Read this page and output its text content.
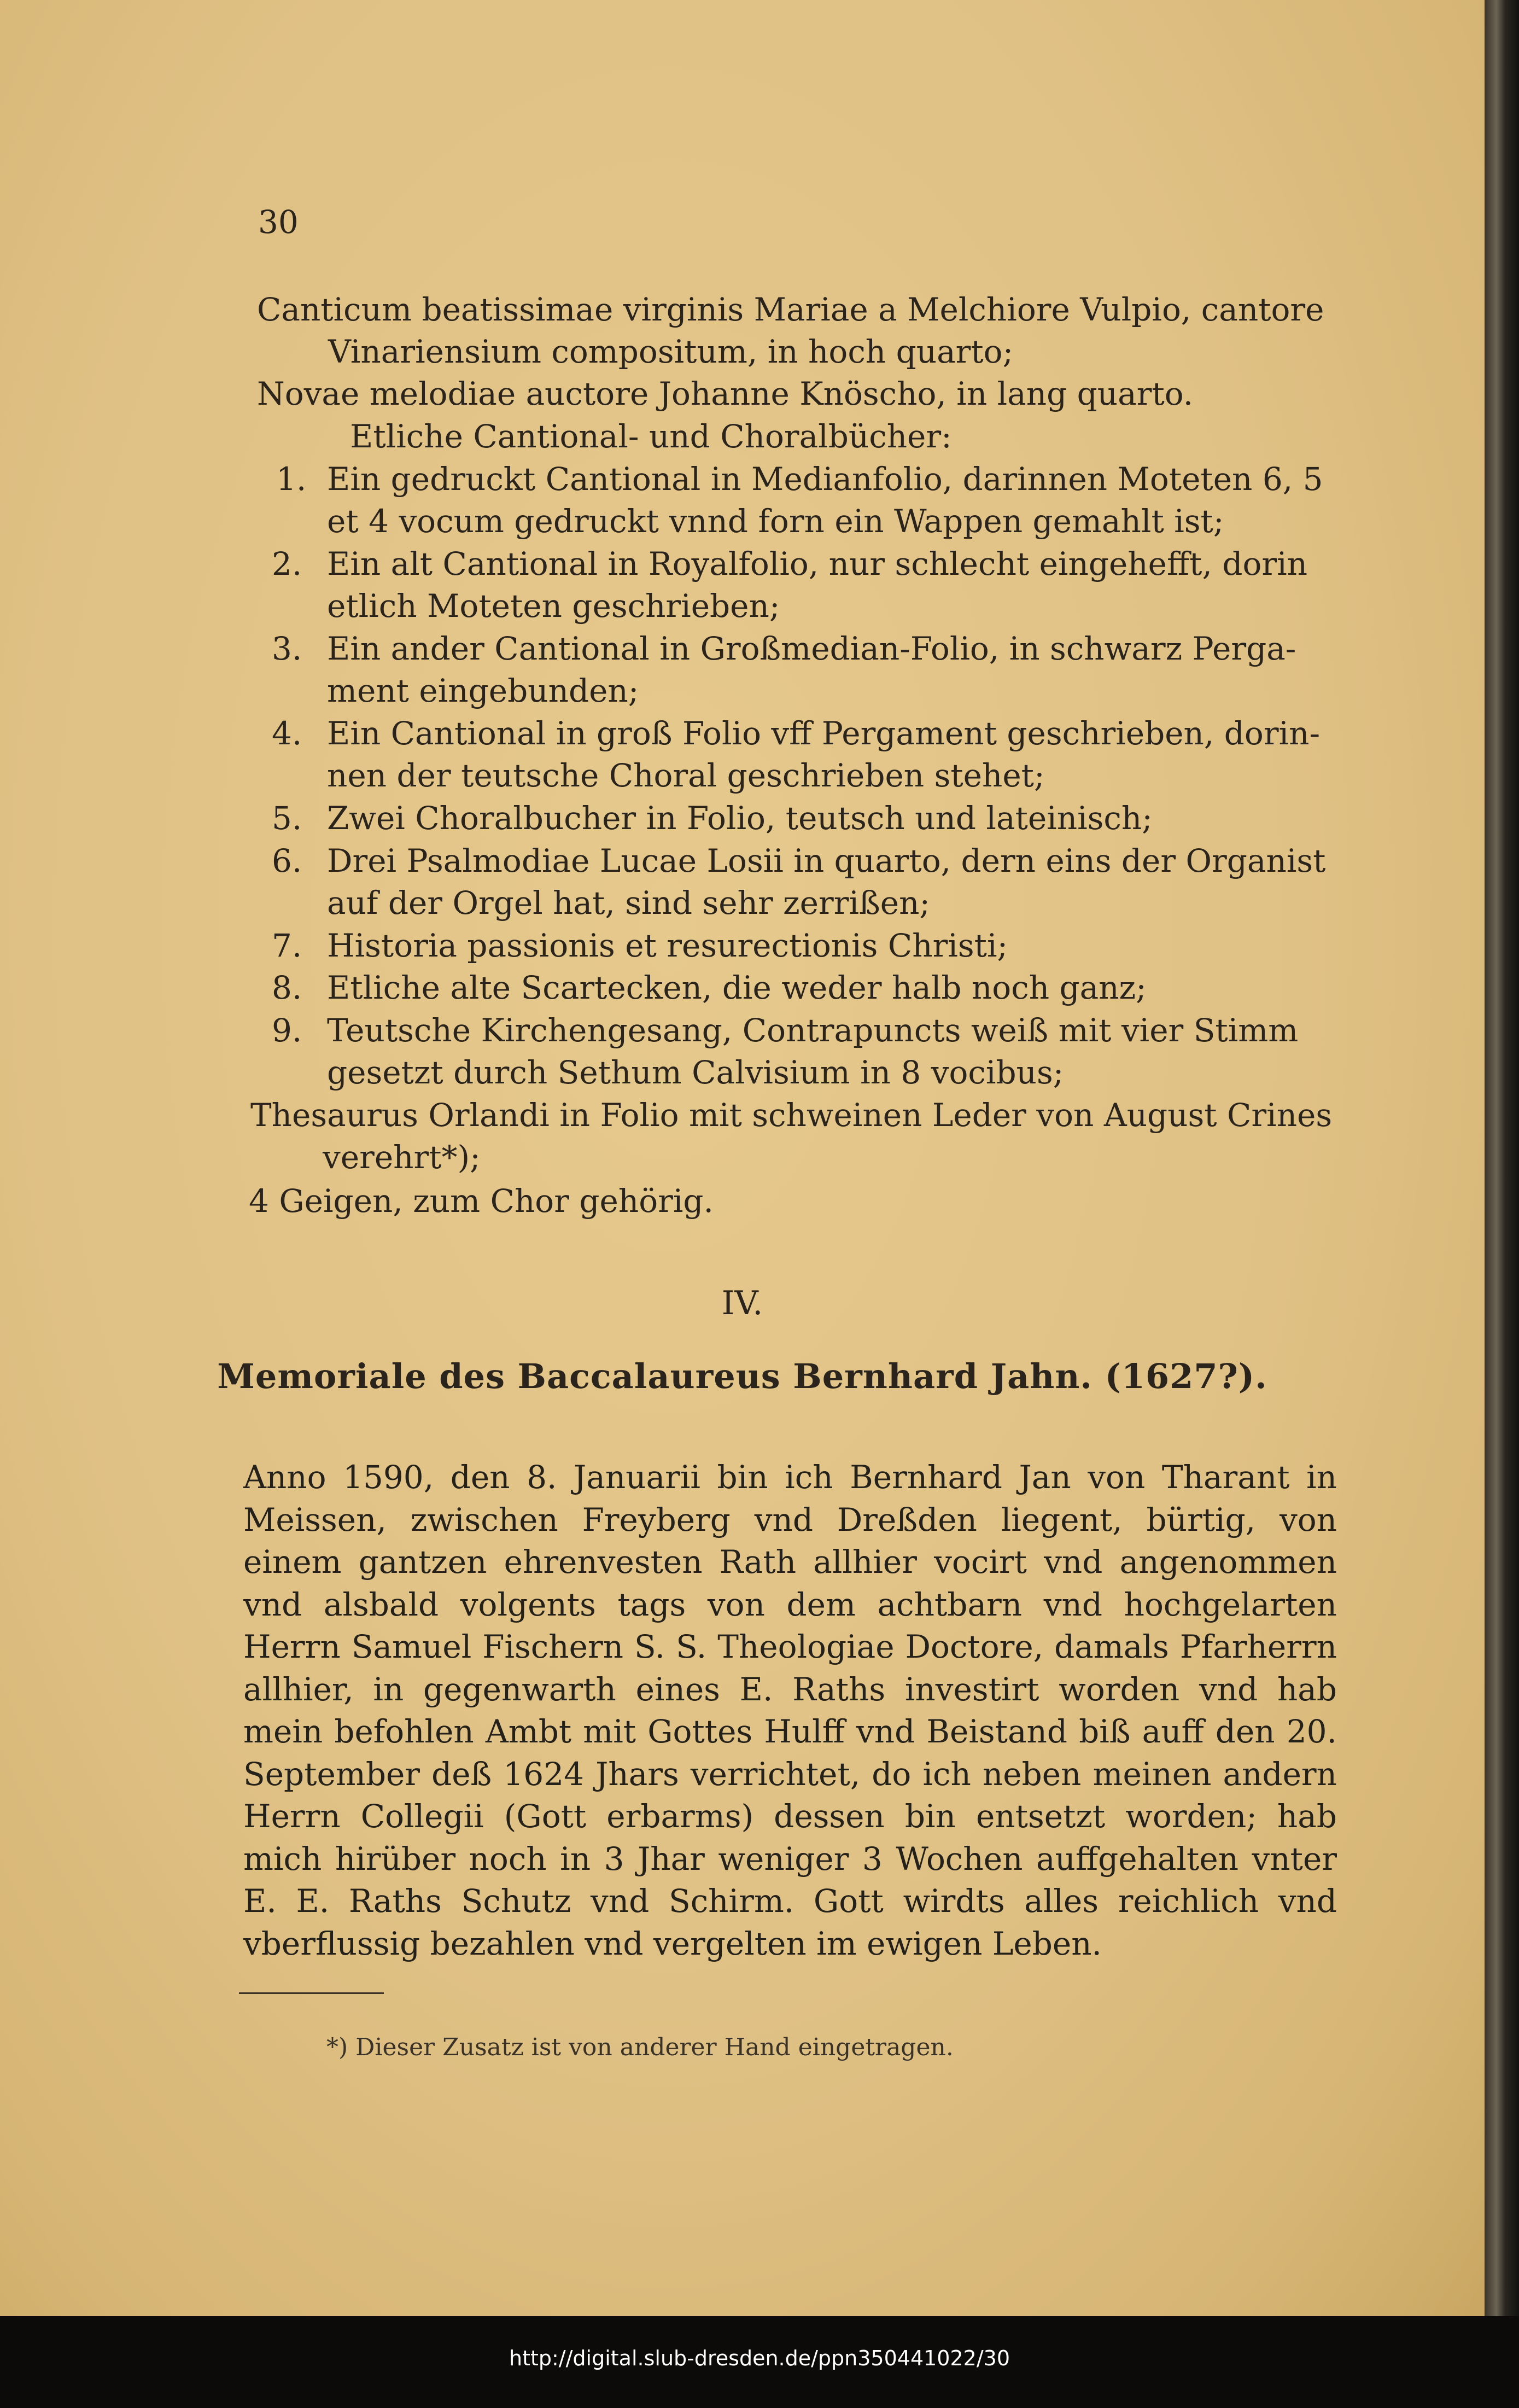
30
Canticum beatissimae virginis Mariae a Melchiore Vulpio, cantore
Vinariensium compositum, in hoch quarto;
Novae melodiae auctore Johanne Knöscho, in lang quarto.
Etliche Cantional- und Choralbücher:
1. Ein gedruckt Cantional in Medianfolio, darinnen Moteten 6, 5
et 4 vocum gedruckt vnnd forn ein Wappen gemahlt ist;
2. Ein alt Cantional in Royalfolio, nur schlecht eingehefft, dorin
etlich Moteten geschrieben;
3. Ein ander Cantional in Großmedian-Folio, in schwarz Perga-
ment eingebunden;
4. Ein Cantional in groß Folio vff Pergament geschrieben, dorin-
nen der teutsche Choral geschrieben stehet;
5. Zwei Choralbucher in Folio, teutsch und lateinisch;
6. Drei Psalmodiae Lucae Losii in quarto, dern eins der Organist
auf der Orgel hat, sind sehr zerrißen;
7. Historia passionis et resurectionis Christi;
8. Etliche alte Scartecken, die weder halb noch ganz;
9. Teutsche Kirchengesang, Contrapuncts weiß mit vier Stimm
gesetzt durch Sethum Calvisium in 8 vocibus;
Thesaurus Orlandi in Folio mit schweinen Leder von August Crines
verehrt*);
4 Geigen, zum Chor gehörig.
IV.
Memoriale des Baccalaureus Bernhard Jahn. (1627?).

Anno 1590, den 8. Januarii bin ich Bernhard Jan von Tharant in Meissen, zwischen Freyberg vnd Dreßden liegent, bürtig, von einem gantzen ehrenvesten Rath allhier vocirt vnd angenommen vnd alsbald volgents tags von dem achtbarn vnd hochgelarten Herrn Samuel Fischern S. S. Theologiae Doctore, damals Pfarherrn allhier, in gegenwarth eines E. Raths investirt worden vnd hab mein befohlen Ambt mit Gottes Hulff vnd Beistand biß auff den 20. September deß 1624 Jhars verrichtet, do ich neben meinen andern Herrn Collegii (Gott erbarms) dessen bin entsetzt worden; hab mich hirüber noch in 3 Jhar weniger 3 Wochen auffgehalten vnter E. E. Raths Schutz vnd Schirm. Gott wirdts alles reichlich vnd vberflussig bezahlen vnd vergelten im ewigen Leben.

*) Dieser Zusatz ist von anderer Hand eingetragen.
http://digital.slub-dresden.de/ppn350441022/30
